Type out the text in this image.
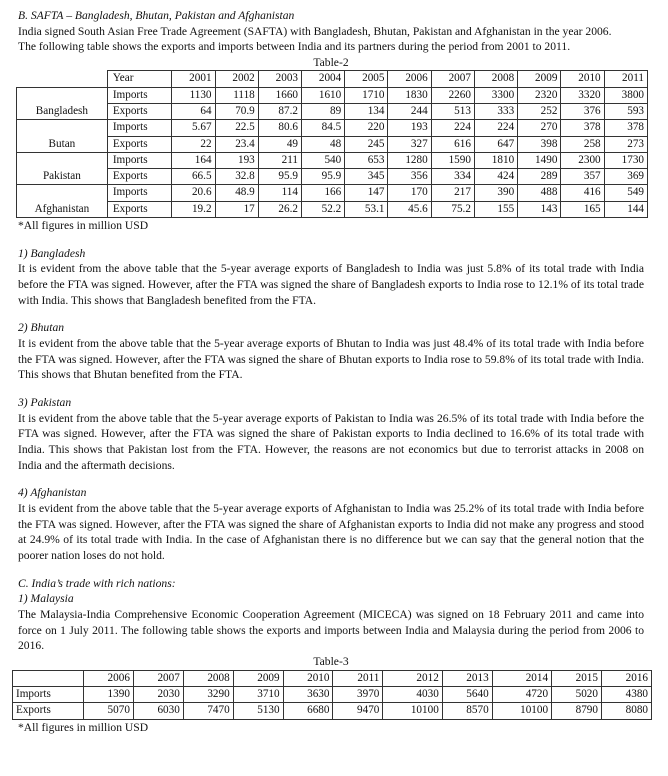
B. SAFTA – Bangladesh, Bhutan, Pakistan and Afghanistan
India signed South Asian Free Trade Agreement (SAFTA) with Bangladesh, Bhutan, Pakistan and Afghanistan in the year 2006.
The following table shows the exports and imports between India and its partners during the period from 2001 to 2011.
Table-2
	Year	2001	2002	2003	2004	2005	2006	2007	2008	2009	2010	2011
Bangladesh	Imports	1130	1118	1660	1610	1710	1830	2260	3300	2320	3320	3800
	Exports	64	70.9	87.2	89	134	244	513	333	252	376	593
Butan	Imports	5.67	22.5	80.6	84.5	220	193	224	224	270	378	378
	Exports	22	23.4	49	48	245	327	616	647	398	258	273
Pakistan	Imports	164	193	211	540	653	1280	1590	1810	1490	2300	1730
	Exports	66.5	32.8	95.9	95.9	345	356	334	424	289	357	369
Afghanistan	Imports	20.6	48.9	114	166	147	170	217	390	488	416	549
	Exports	19.2	17	26.2	52.2	53.1	45.6	75.2	155	143	165	144
*All figures in million USD
1) Bangladesh

It is evident from the above table that the 5-year average exports of Bangladesh to India was just 5.8% of its total trade with India before the FTA was signed. However, after the FTA was signed the share of Bangladesh exports to India rose to 12.1% of its total trade with India. This shows that Bangladesh benefited from the FTA.

2) Bhutan

It is evident from the above table that the 5-year average exports of Bhutan to India was just 48.4% of its total trade with India before the FTA was signed. However, after the FTA was signed the share of Bhutan exports to India rose to 59.8% of its total trade with India. This shows that Bhutan benefited from the FTA.

3) Pakistan

It is evident from the above table that the 5-year average exports of Pakistan to India was 26.5% of its total trade with India before the FTA was signed. However, after the FTA was signed the share of Pakistan exports to India declined to 16.6% of its total trade with India. This shows that Pakistan lost from the FTA. However, the reasons are not economics but due to terrorist attacks in 2008 on India and the aftermath decisions.

4) Afghanistan

It is evident from the above table that the 5-year average exports of Afghanistan to India was 25.2% of its total trade with India before the FTA was signed. However, after the FTA was signed the share of Afghanistan exports to India did not make any progress and stood at 24.9% of its total trade with India. In the case of Afghanistan there is no difference but we can say that the general notion that the poorer nation loses do not hold.

C. India’s trade with rich nations:
1) Malaysia

The Malaysia-India Comprehensive Economic Cooperation Agreement (MICECA) was signed on 18 February 2011 and came into force on 1 July 2011. The following table shows the exports and imports between India and Malaysia during the period from 2006 to 2016.

Table-3
	2006	2007	2008	2009	2010	2011	2012	2013	2014	2015	2016
Imports	1390	2030	3290	3710	3630	3970	4030	5640	4720	5020	4380
Exports	5070	6030	7470	5130	6680	9470	10100	8570	10100	8790	8080
*All figures in million USD
